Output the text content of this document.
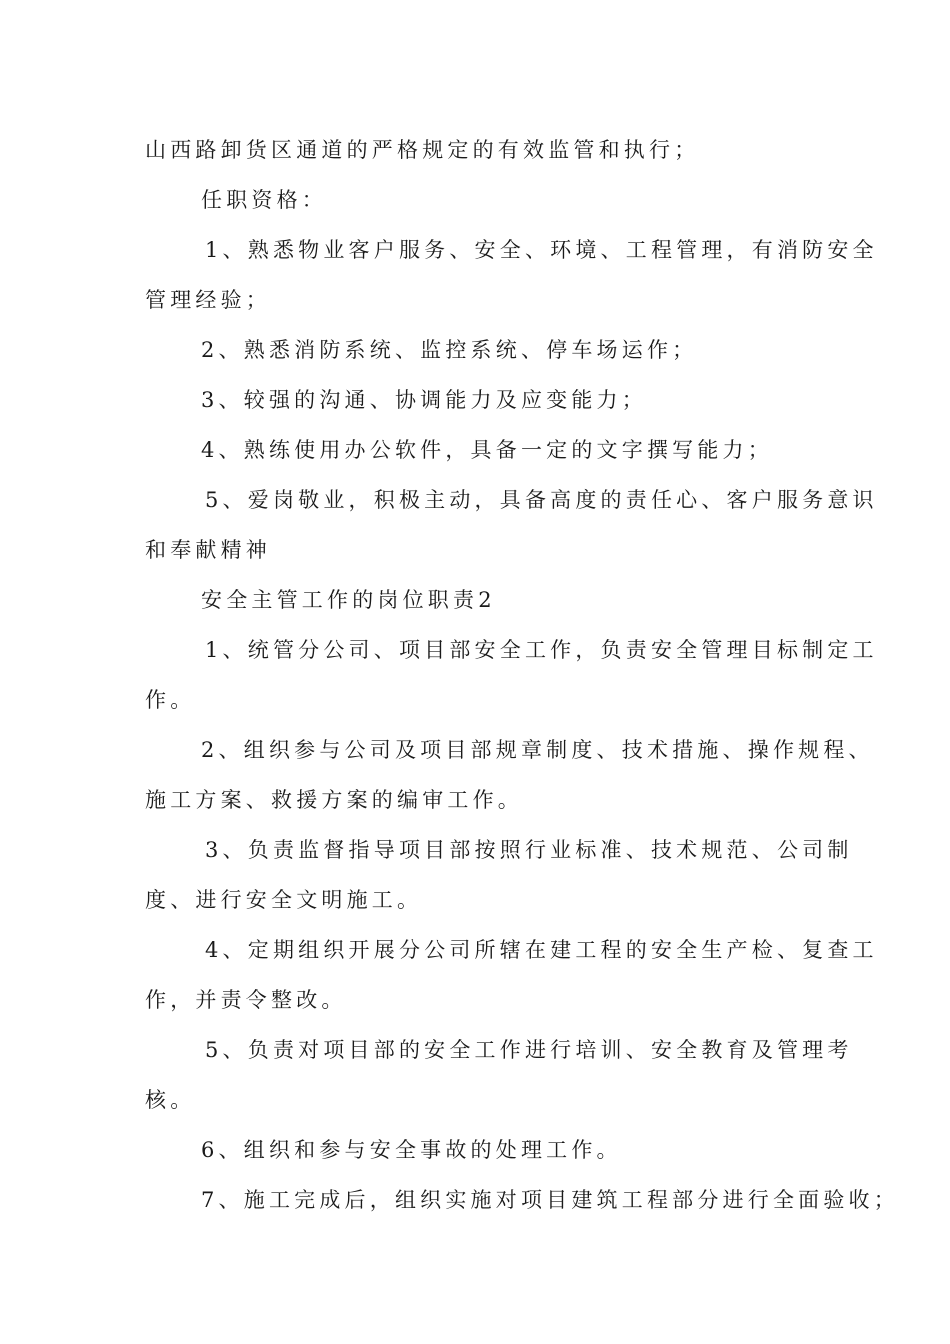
山西路卸货区通道的严格规定的有效监管和执行；
任职资格：
1、熟悉物业客户服务、安全、环境、工程管理，有消防安全
管理经验；
2、熟悉消防系统、监控系统、停车场运作；
3、较强的沟通、协调能力及应变能力；
4、熟练使用办公软件，具备一定的文字撰写能力；
5、爱岗敬业，积极主动，具备高度的责任心、客户服务意识
和奉献精神
安全主管工作的岗位职责2
1、统管分公司、项目部安全工作，负责安全管理目标制定工
作。
2、组织参与公司及项目部规章制度、技术措施、操作规程、
施工方案、救援方案的编审工作。
3、负责监督指导项目部按照行业标准、技术规范、公司制
度、进行安全文明施工。
4、定期组织开展分公司所辖在建工程的安全生产检、复查工
作，并责令整改。
5、负责对项目部的安全工作进行培训、安全教育及管理考
核。
6、组织和参与安全事故的处理工作。
7、施工完成后，组织实施对项目建筑工程部分进行全面验收；
